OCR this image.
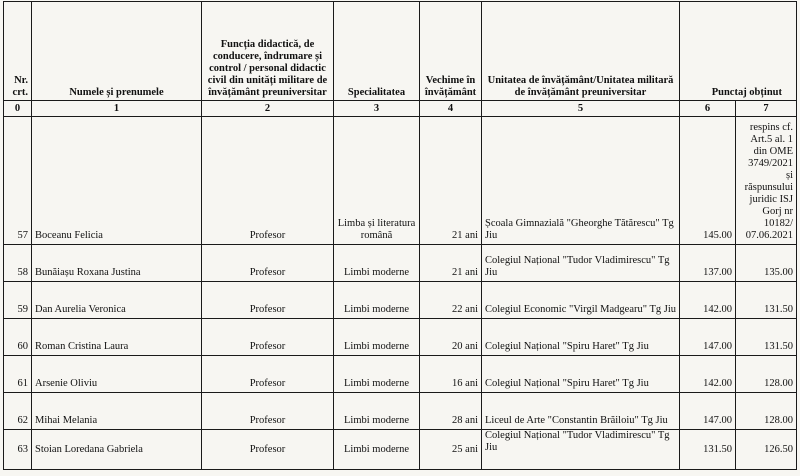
Nr. crt.	Numele și prenumele	Funcția didactică, de conducere, îndrumare și control / personal didactic civil din unități militare de învățământ preuniversitar	Specialitatea	Vechime în învățământ	Unitatea de învățământ/Unitatea militară de învățământ preuniversitar	Punctaj obținut	
0	1	2	3	4	5	6	7
57	Boceanu Felicia	Profesor	Limba și literatura română	21 ani	Școala Gimnazială "Gheorghe Tătărescu" Tg Jiu	145.00	respins cf. Art.5 al. 1 din OME 3749/2021 și răspunsului juridic ISJ Gorj nr 10182/ 07.06.2021
58	Bunăiașu Roxana Justina	Profesor	Limbi moderne	21 ani	Colegiul Național "Tudor Vladimirescu" Tg Jiu	137.00	135.00
59	Dan Aurelia Veronica	Profesor	Limbi moderne	22 ani	Colegiul Economic "Virgil Madgearu" Tg Jiu	142.00	131.50
60	Roman Cristina Laura	Profesor	Limbi moderne	20 ani	Colegiul Național "Spiru Haret" Tg Jiu	147.00	131.50
61	Arsenie Oliviu	Profesor	Limbi moderne	16 ani	Colegiul Național "Spiru Haret" Tg Jiu	142.00	128.00
62	Mihai Melania	Profesor	Limbi moderne	28 ani	Liceul de Arte "Constantin Brăiloiu" Tg Jiu	147.00	128.00
63	Stoian Loredana Gabriela	Profesor	Limbi moderne	25 ani	Colegiul Național "Tudor Vladimirescu" Tg Jiu	131.50	126.50
